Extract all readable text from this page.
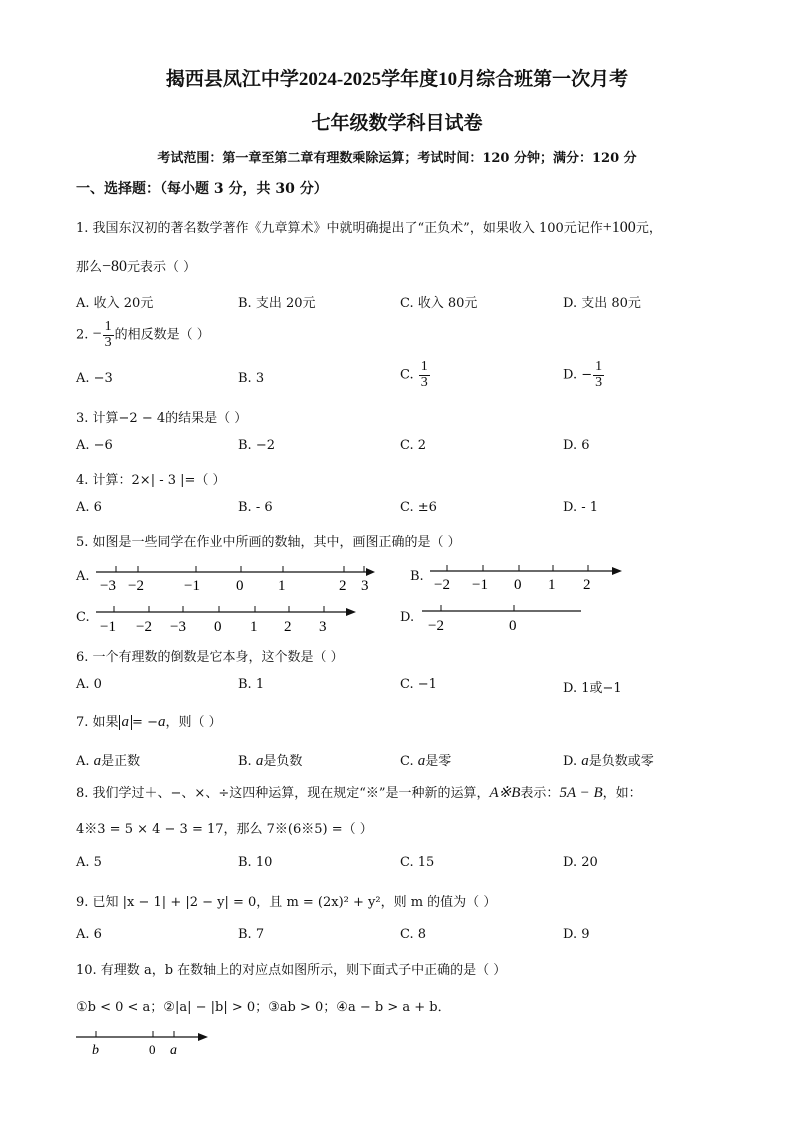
揭西县凤江中学2024-2025学年度10月综合班第一次月考
七年级数学科目试卷
考试范围：第一章至第二章有理数乘除运算；考试时间：120 分钟；满分：120 分
一、选择题：（每小题 3 分，共 30 分）
1. 我国东汉初的著名数学著作《九章算术》中就明确提出了“正负术”，如果收入 100元记作+100元，
那么−80元表示（ ）
A. 收入 20元	B. 支出 20元	C. 收入 80元	D. 支出 80元
2. − $\frac{1}{3}$ 的相反数是（ ）
A. −3	B. 3	C. $\frac{1}{3}$	D. − $\frac{1}{3}$
3. 计算−2 − 4的结果是（ ）
A. −6	B. −2	C. 2	D. 6
4. 计算：2×| - 3 |=（ ）
A. 6	B. - 6	C. ±6	D. - 1
5. 如图是一些同学在作业中所画的数轴，其中，画图正确的是（ ）
A.	B.
C.	D.
−3 −2	−1 0 1	2 3	−2 −1 0 1 2
−1 −2 −3 0 1 2 3	−2	0
b	0 a
6. 一个有理数的倒数是它本身，这个数是（ ）
A. 0	B. 1	C. −1	D. 1或−1
7. 如果 a = −a，则（ ）
A. a是正数	B. a是负数	C. a是零	D. a是负数或零
8. 我们学过＋、−、×、÷这四种运算，现在规定“※”是一种新的运算，A※B表示：5A − B，如：
4※3 = 5 × 4 − 3 = 17，那么 7※(6※5) =（ ）
A. 5	B. 10	C. 15	D. 20
9. 已知 |x − 1| + |2 − y| = 0，且 m = (2x)² + y²，则 m 的值为（ ）
A. 6	B. 7	C. 8	D. 9
10. 有理数 a，b 在数轴上的对应点如图所示，则下面式子中正确的是（ ）
①b < 0 < a；②|a| − |b| > 0；③ab > 0；④a − b > a + b．
